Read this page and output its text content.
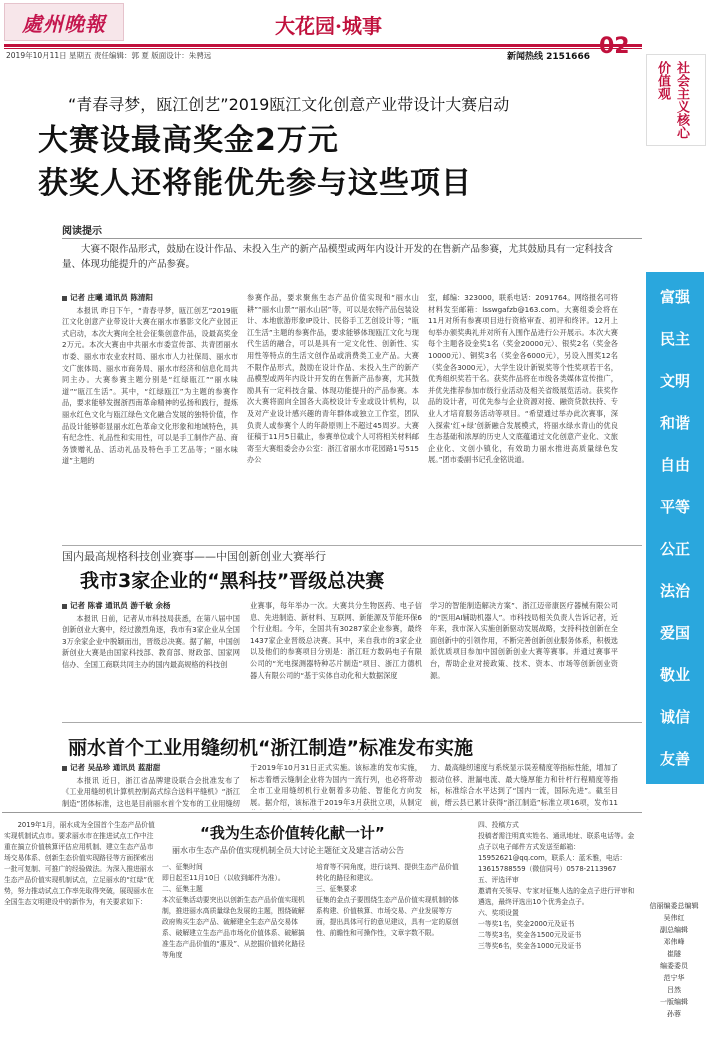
處州晚報	大花园·城事
2019年10月11日 星期五 责任编辑：郭 夏 版面设计：朱骋远	新闻热线 2151666
“青春寻梦，瓯江创艺”2019瓯江文化创意产业带设计大赛启动
大赛设最高奖金2万元
获奖人还将能优先参与这些项目
阅读提示
大赛不限作品形式，鼓励在设计作品、未投入生产的新产品模型或两年内设计开发的在售新产品参赛，尤其鼓励具有一定科技含量、体现功能提升的产品参赛。
记者 庄曦 通讯员 陈清阳

本报讯 昨日下午，“青春寻梦，瓯江创艺”2019瓯江文化创意产业带设计大赛在丽水市慕影文化产业园正式启动，本次大赛向全社会征集创意作品，设最高奖金2万元。本次大赛由中共丽水市委宣传部、共青团丽水市委、丽水市农业农村局、丽水市人力社保局、丽水市文广旅体局、丽水市商务局、丽水市经济和信息化局共同主办。大赛参赛主题分别是“红绿瓯江”“丽水味道”“瓯江生活”。其中，“红绿瓯江”为主题的参赛作品，要求能够发掘浙西南革命精神的弘扬和践行，提炼丽水红色文化与瓯江绿色文化融合发展的独特价值，作品设计能够彰显丽水红色革命文化形象和地域特色，具有纪念性、礼品性和实用性，可以是手工制作产品、商务馈赠礼品、活动礼品及特色手工艺品等；“丽水味道”主题的

参赛作品，要求聚焦生态产品价值实现和“丽水山耕”“丽水山景”“丽水山居”等，可以是农特产品包装设计、本地旅游形象IP设计、民俗手工艺创设计等；“瓯江生活”主题的参赛作品，要求能够体现瓯江文化与现代生活的融合，可以是具有一定文化性、创新性、实用性等特点的生活文创作品或消费类工业产品。大赛不限作品形式，鼓励在设计作品、未投入生产的新产品模型或两年内设计开发的在售新产品参赛，尤其鼓励具有一定科技含量、体现功能提升的产品参赛。本次大赛将面向全国各大高校设计专业或设计机构，以及对产业设计感兴趣的青年群体或独立工作室，团队负责人或参赛个人的年龄原则上不超过45周岁。大赛征稿于11月5日截止，参赛单位或个人可将相关材料邮寄至大赛组委会办公室：浙江省丽水市花园路1号515办公

室，邮编：323000，联系电话：2091764。网络报名可将材料发至邮箱：lsswgafzb@163.com。大赛组委会将在11月对所有参赛项目进行资格审查、初评和终评。12月上旬举办颁奖典礼并对所有入围作品进行公开展示。本次大赛每个主题各设金奖1名（奖金20000元）、银奖2名（奖金各10000元）、铜奖3名（奖金各6000元），另设入围奖12名（奖金各3000元），大学生设计新锐奖等个性奖项若干名，优秀组织奖若干名。获奖作品将在市级各类媒体宣传推广，并优先推荐参加市级行业活动及相关省级展览活动。获奖作品的设计者，可优先参与企业资源对接、融资贷款扶持、专业人才培育服务活动等项目。“希望通过举办此次赛事，深入探索‘红+绿’创新融合发展模式，将丽水绿水青山的优良生态基础和浓厚的历史人文底蕴通过文化创意产业化、文旅企业化、文创小镇化，有效助力丽水推进高质量绿色发展。”团市委副书记孔金铭说道。

国内最高规格科技创业赛事——中国创新创业大赛举行
我市3家企业的“黑科技”晋级总决赛
记者 陈睿 通讯员 游千敏 余杨

本报讯 日前，记者从市科技局获悉，在第八届中国创新创业大赛中，经过激烈角逐，我市有3家企业从全国3万余家企业中脱颖而出，晋级总决赛。据了解，中国创新创业大赛是由国家科技部、教育部、财政部、国家网信办、全国工商联共同主办的国内最高规格的科技创

业赛事，每年举办一次。大赛共分生物医药、电子信息、先进制造、新材料、互联网、新能源及节能环保6个行业组。今年，全国共有30287家企业参赛，最终1437家企业晋级总决赛。其中，来自我市的3家企业以及他们的参赛项目分别是：浙江旺方数码电子有限公司的“光电探测器特种芯片制造”项目、浙江力德机器人有限公司的“基于实体自动化和大数据深度

学习的智能制造解决方案”、浙江迈帝康医疗器械有限公司的“医用AI辅助机器人”。市科技局相关负责人告诉记者，近年来，我市深入实施创新驱动发展战略，支持科技创新在全面创新中的引领作用，不断完善创新创业服务体系，积极选派优质项目参加中国创新创业大赛等赛事。并通过赛事平台，帮助企业对接政策、技术、资本、市场等创新创业资源。

丽水首个工业用缝纫机“浙江制造”标准发布实施
记者 吴品珍 通讯员 蓝甜甜

本报讯 近日，浙江省品牌建设联合会批准发布了《工业用缝纫机计算机控制高式综合送料平缝机》“浙江制造”团体标准，这也是目前丽水首个发布的工业用缝纫

于2019年10月31日正式实施。该标准的发布实施，标志着缙云缝制企业将为国内一流行列，也必将带动全市工业用缝纫机行业朝着多功能、智能化方向发展。据介绍，该标准于2019年3月获批立项，从制定

力、最高缝纫速度与系统显示误差精度等指标性能，增加了振动位移、泄漏电流、最大缝厚能力和针杆行程精度等指标，标准综合水平达到了“国内一流，国际先进”。截至目前，缙云县已累计获得“浙江制造”标准立项16项，发布11

2019年1月，丽水成为全国首个生态产品价值实现机制试点市。要求丽水市在推进试点工作中注重在搞立价值核算评估应用机制、建立生态产品市场交易体系、创新生态价值实现路径等方面探索出一批可复制、可推广的经验做法。为深入推进丽水生态产品价值实现机制试点，立足丽水的“红绿”优势，努力推动试点工作率先取得突破，展现丽水在全国生态文明建设中的新作为，有关要求如下：
“我为生态价值转化献一计”
丽水市生态产品价值实现机制全员大讨论主题征文及建言活动公告
一、征集时间
即日起至11月10日（以收到邮件为准）。
二、征集主题
本次征集活动要突出以创新生态产品价值实现机制，推进丽水高质量绿色发展的主题，围绕破解政府购买生态产品、破解建全生态产品交易体系、破解建立生态产品市场化价值体系、破解搞准生态产品价值的“惠及”、从挖掘价值转化路径等角度
培育等不同角度，进行谈判、提供生态产品价值转化的路径和建议。
三、征集要求
征集的金点子要围绕生态产品价值实现机制的体系构建、价值核算、市场交易、产业发展等方面，提出具体可行的意见建议，具有一定的原创性、前瞻性和可操作性，文章字数不限。
四、投稿方式
投稿者需注明真实姓名、通讯地址、联系电话等。金点子以电子邮件方式发送至邮箱：15952621@qq.com，联系人：蓝禾雅，电话：13615788559（微信同号）0578-2113967
五、评选评审
邀请有关领导、专家对征集人选的金点子进行评审和遴选，最终评选出10个优秀金点子。
六、奖项设置
一等奖1名，奖金2000元及证书
二等奖3名，奖金各1500元及证书
三等奖6名，奖金各1000元及证书
社会主义核心价值观
富强
民主
文明
和谐
自由
平等
公正
法治
爱国
敬业
诚信
友善
信丽编委总编辑
吴伟红
副总编辑
邓伟峰
崔隧
编委委员
范宁华
吕然
一版编辑
孙蓉
